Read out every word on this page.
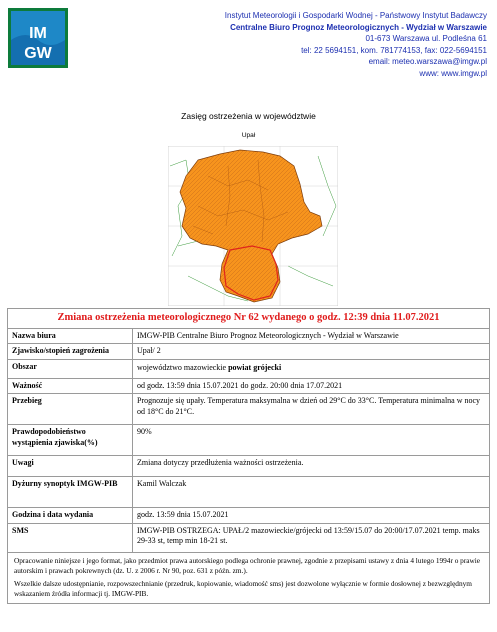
IM
GW
Instytut Meteorologii i Gospodarki Wodnej - Państwowy Instytut Badawczy
Centralne Biuro Prognoz Meteorologicznych - Wydział w Warszawie
01-673 Warszawa ul. Podleśna 61
tel: 22 5694151, kom. 781774153, fax: 022-5694151
email: meteo.warszawa@imgw.pl
www: www.imgw.pl
Zasięg ostrzeżenia w województwie
Upał
Zmiana ostrzeżenia meteorologicznego Nr 62 wydanego o godz. 12:39 dnia 11.07.2021	
Nazwa biura	IMGW-PIB Centralne Biuro Prognoz Meteorologicznych - Wydział w Warszawie
Zjawisko/stopień zagrożenia	Upał/ 2
Obszar	województwo mazowieckie powiat grójecki
Ważność	od godz. 13:59 dnia 15.07.2021 do godz. 20:00 dnia 17.07.2021
Przebieg	Prognozuje się upały. Temperatura maksymalna w dzień od 29°C do 33°C. Temperatura minimalna w nocy od 18°C do 21°C.
Prawdopodobieństwo wystąpienia zjawiska(%)	90%
Uwagi	Zmiana dotyczy przedłużenia ważności ostrzeżenia.
Dyżurny synoptyk IMGW-PIB	Kamil Walczak
Godzina i data wydania	godz. 13:59 dnia 15.07.2021
SMS	IMGW-PIB OSTRZEGA: UPAŁ/2 mazowieckie/grójecki od 13:59/15.07 do 20:00/17.07.2021 temp. maks 29-33 st, temp min 18-21 st.

Opracowanie niniejsze i jego format, jako przedmiot prawa autorskiego podlega ochronie prawnej, zgodnie z przepisami ustawy z dnia 4 lutego 1994r o prawie autorskim i prawach pokrewnych (dz. U. z 2006 r. Nr 90, poz. 631 z późn. zm.).
Wszelkie dalsze udostępnianie, rozpowszechnianie (przedruk, kopiowanie, wiadomość sms) jest dozwolone wyłącznie w formie dosłownej z bezwzględnym wskazaniem źródła informacji tj. IMGW-PIB.	
